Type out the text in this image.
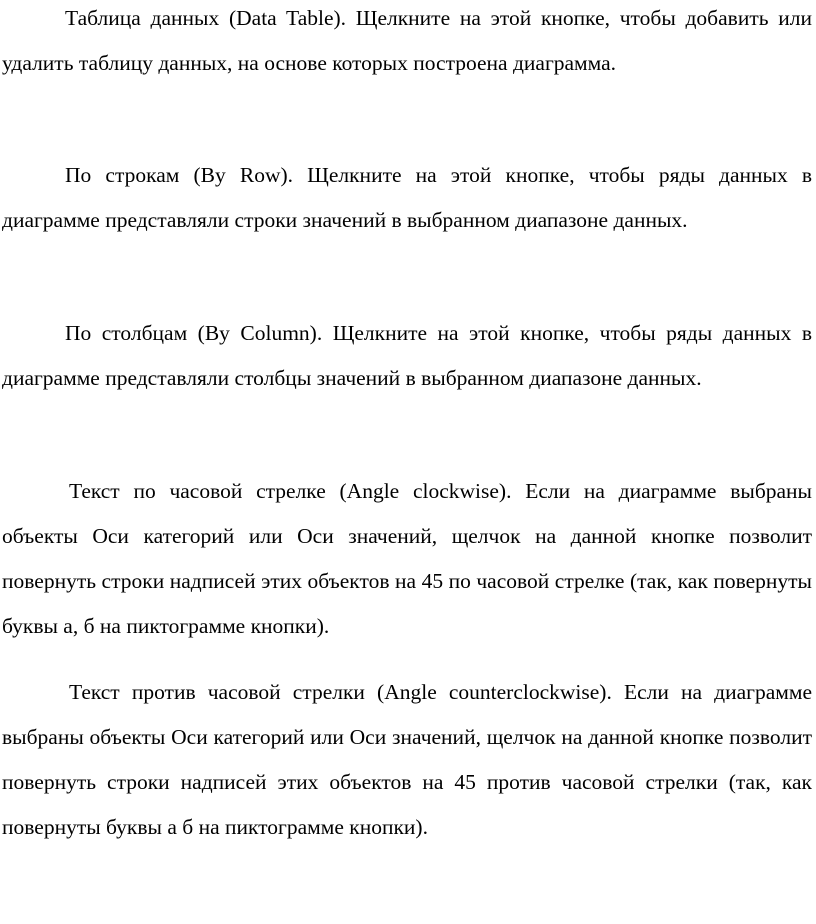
Таблица данных (Data Table). Щелкните на этой кнопке, чтобы добавить или удалить таблицу данных, на основе которых построена диаграмма.

По строкам (By Row). Щелкните на этой кнопке, чтобы ряды данных в диаграмме представляли строки значений в выбранном диапазоне данных.

По столбцам (By Column). Щелкните на этой кнопке, чтобы ряды данных в диаграмме представляли столбцы значений в выбранном диапазоне данных.

Текст по часовой стрелке (Angle clockwise). Если на диаграмме выбраны объекты Оси категорий или Оси значений, щелчок на данной кнопке позволит повернуть строки надписей этих объектов на 45 по часовой стрелке (так, как повернуты буквы а, б на пиктограмме кнопки).

Текст против часовой стрелки (Angle counterclockwise). Если на диаграмме выбраны объекты Оси категорий или Оси значений, щелчок на данной кнопке позволит повернуть строки надписей этих объектов на 45 против часовой стрелки (так, как повернуты буквы а б на пиктограмме кнопки).
